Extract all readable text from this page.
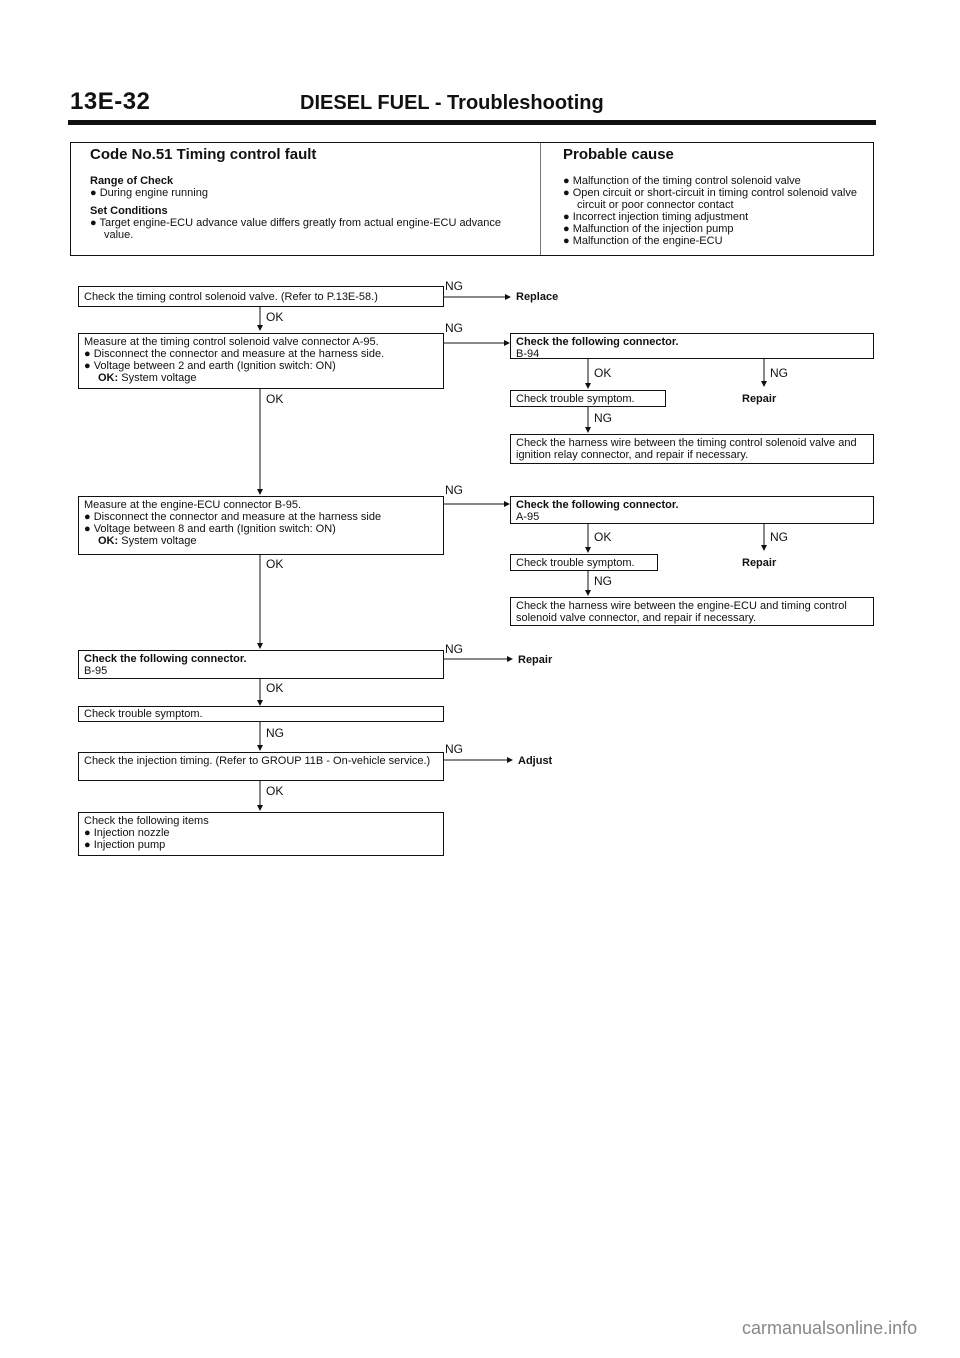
13E-32	DIESEL FUEL - Troubleshooting
Code No.51 Timing control fault	Probable cause
Range of Check
● During engine running
Set Conditions
● Target engine-ECU advance value differs greatly from actual engine-ECU advance value.
● Malfunction of the timing control solenoid valve
● Open circuit or short-circuit in timing control solenoid valve circuit or poor connector contact
● Incorrect injection timing adjustment
● Malfunction of the injection pump
● Malfunction of the engine-ECU
Check the timing control solenoid valve. (Refer to P.13E-58.)
NG
Replace
OK
Measure at the timing control solenoid valve connector A-95.
● Disconnect the connector and measure at the harness side.
● Voltage between 2 and earth (Ignition switch: ON)
OK: System voltage
NG
OK
Check the following connector.
B-94
OK	NG
Check trouble symptom.	Repair
NG
Check the harness wire between the timing control solenoid valve and ignition relay connector, and repair if necessary.
Measure at the engine-ECU connector B-95.
● Disconnect the connector and measure at the harness side
● Voltage between 8 and earth (Ignition switch: ON)
OK: System voltage
NG
OK
Check the following connector.
A-95
OK	NG
Check trouble symptom.	Repair
NG
Check the harness wire between the engine-ECU and timing control solenoid valve connector, and repair if necessary.
Check the following connector.
B-95
NG
Repair
OK
Check trouble symptom.
NG
Check the injection timing. (Refer to GROUP 11B - On-vehicle service.)
NG
Adjust
OK
Check the following items
● Injection nozzle
● Injection pump
carmanualsonline.info
